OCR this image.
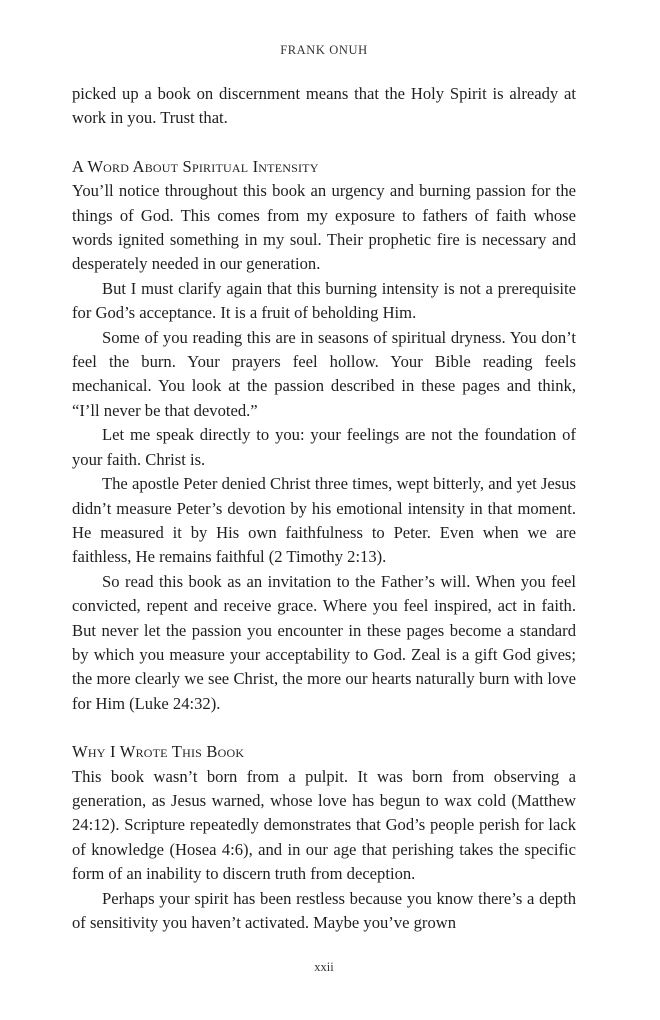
FRANK ONUH

picked up a book on discernment means that the Holy Spirit is already at work in you. Trust that.

A Word About Spiritual Intensity

You’ll notice throughout this book an urgency and burning passion for the things of God. This comes from my exposure to fathers of faith whose words ignited something in my soul. Their prophetic fire is necessary and desperately needed in our generation.

But I must clarify again that this burning intensity is not a prerequisite for God’s acceptance. It is a fruit of beholding Him.

Some of you reading this are in seasons of spiritual dryness. You don’t feel the burn. Your prayers feel hollow. Your Bible reading feels mechanical. You look at the passion described in these pages and think, “I’ll never be that devoted.”

Let me speak directly to you: your feelings are not the foundation of your faith. Christ is.

The apostle Peter denied Christ three times, wept bitterly, and yet Jesus didn’t measure Peter’s devotion by his emotional intensity in that moment. He measured it by His own faithfulness to Peter. Even when we are faithless, He remains faithful (2 Timothy 2:13).

So read this book as an invitation to the Father’s will. When you feel convicted, repent and receive grace. Where you feel inspired, act in faith. But never let the passion you encounter in these pages become a standard by which you measure your acceptability to God. Zeal is a gift God gives; the more clearly we see Christ, the more our hearts naturally burn with love for Him (Luke 24:32).

Why I Wrote This Book

This book wasn’t born from a pulpit. It was born from observing a generation, as Jesus warned, whose love has begun to wax cold (Matthew 24:12). Scripture repeatedly demonstrates that God’s people perish for lack of knowledge (Hosea 4:6), and in our age that perishing takes the specific form of an inability to discern truth from deception.

Perhaps your spirit has been restless because you know there’s a depth of sensitivity you haven’t activated. Maybe you’ve grown

xxii
